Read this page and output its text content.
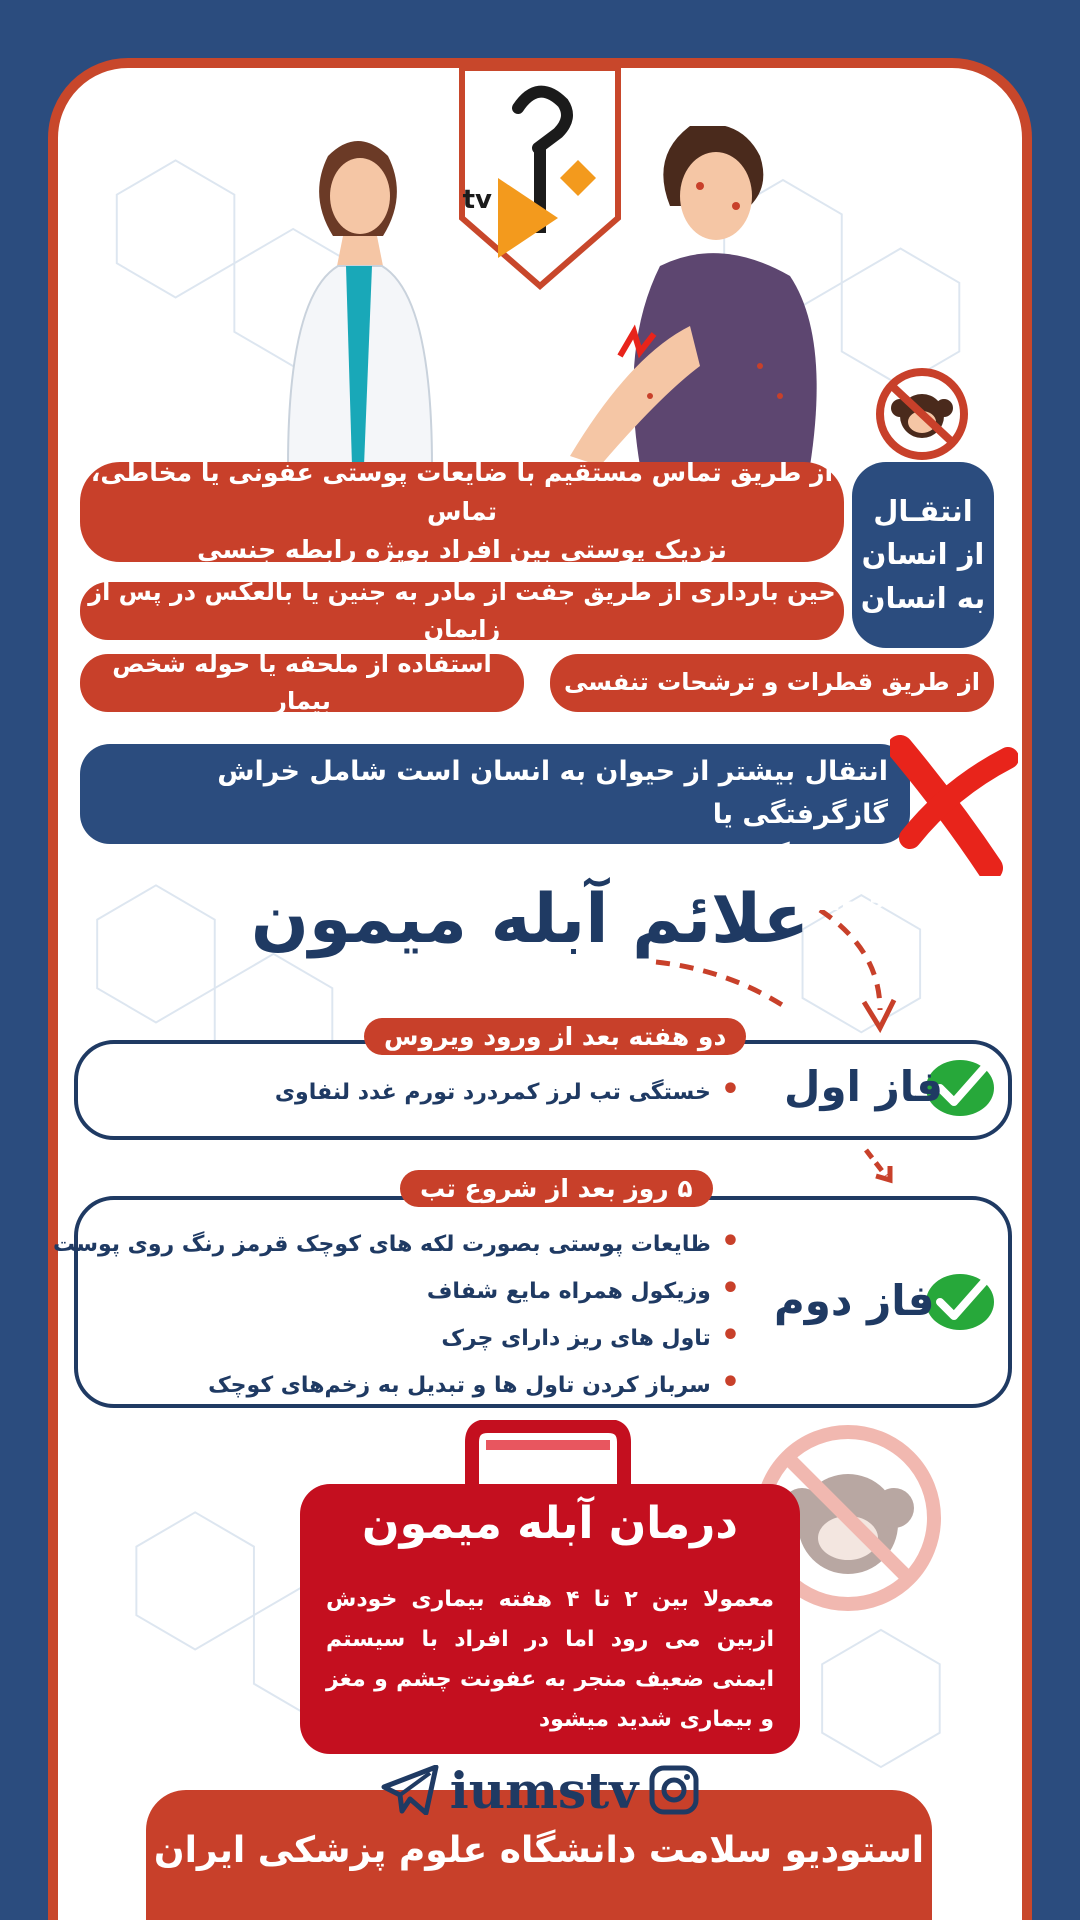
tv
انتقـال
از انسان
به انسان
از طریق تماس مستقیم با ضایعات پوستی عفونی یا مخاطی، تماس
نزدیک پوستی بین افراد بویژه رابطه جنسی
حین بارداری از طریق جفت از مادر به جنین یا بالعکس در پس از زایمان
از طریق قطرات و ترشحات تنفسی
استفاده از ملحفه یا حوله شخص بیمار
انتقال بیشتر از حیوان به انسان است شامل خراش گازگرفتگی یا
خوردن گوشتی که خوب پخته نشده دست زدن به ترشحات حیوانات
علائم آبله میمون
دو هفته بعد از ورود ویروس
فاز اول
• خستگی تب لرز کمردرد تورم غدد لنفاوی
۵ روز بعد از شروع تب
فاز دوم
• ظایعات پوستی بصورت لکه های کوچک قرمز رنگ روی پوست
• وزیکول همراه مایع شفاف
• تاول های ریز دارای چرک
• سرباز کردن تاول ها و تبدیل به زخم‌های کوچک
درمان آبله میمون
معمولا بین ۲ تا ۴ هفته بیماری خودش ازبین می رود اما در افراد با سیستم ایمنی ضعیف منجر به عفونت چشم و مغز و بیماری شدید میشود
استودیو سلامت دانشگاه علوم پزشکی ایران
iumstv
